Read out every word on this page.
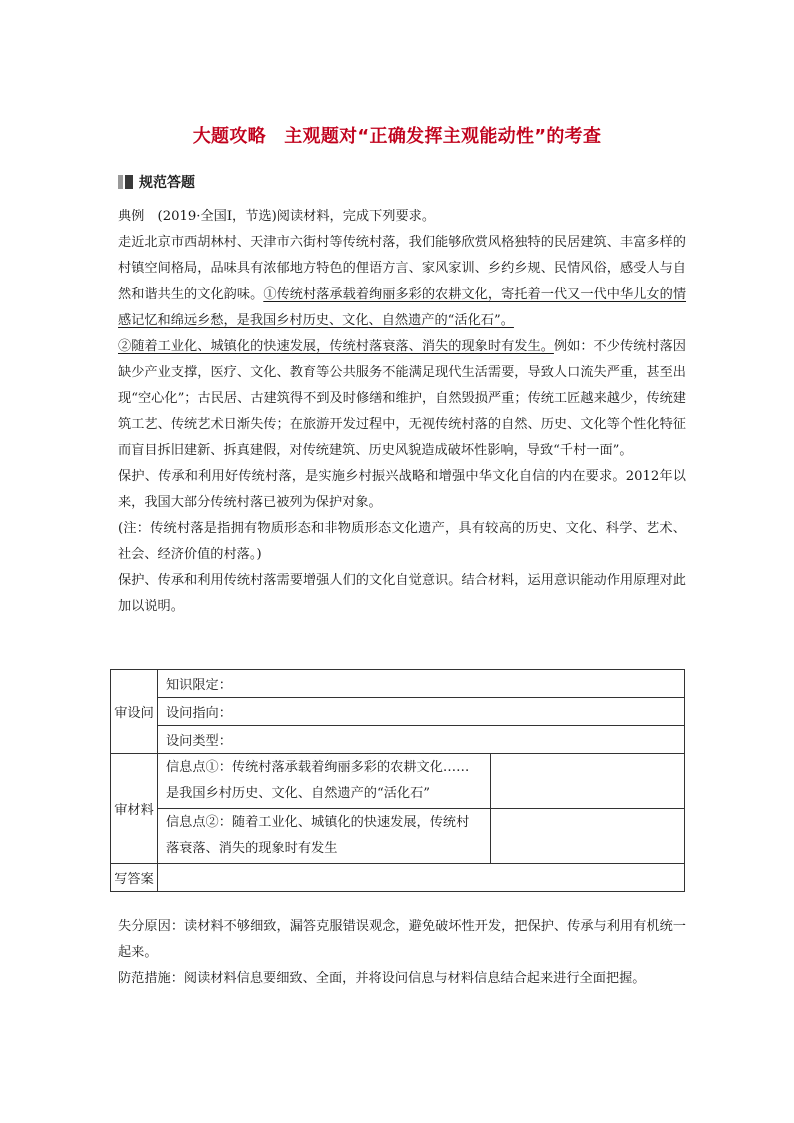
大题攻略　主观题对“正确发挥主观能动性”的考查
规范答题

典例　(2019·全国Ⅰ，节选)阅读材料，完成下列要求。

走近北京市西胡林村、天津市六街村等传统村落，我们能够欣赏风格独特的民居建筑、丰富多样的村镇空间格局，品味具有浓郁地方特色的俚语方言、家风家训、乡约乡规、民情风俗，感受人与自然和谐共生的文化韵味。①传统村落承载着绚丽多彩的农耕文化，寄托着一代又一代中华儿女的情感记忆和绵远乡愁，是我国乡村历史、文化、自然遗产的“活化石”。

②随着工业化、城镇化的快速发展，传统村落衰落、消失的现象时有发生。例如：不少传统村落因缺少产业支撑，医疗、文化、教育等公共服务不能满足现代生活需要，导致人口流失严重，甚至出现“空心化”；古民居、古建筑得不到及时修缮和维护，自然毁损严重；传统工匠越来越少，传统建筑工艺、传统艺术日渐失传；在旅游开发过程中，无视传统村落的自然、历史、文化等个性化特征而盲目拆旧建新、拆真建假，对传统建筑、历史风貌造成破坏性影响，导致“千村一面”。

保护、传承和利用好传统村落，是实施乡村振兴战略和增强中华文化自信的内在要求。2012年以来，我国大部分传统村落已被列为保护对象。

(注：传统村落是指拥有物质形态和非物质形态文化遗产，具有较高的历史、文化、科学、艺术、社会、经济价值的村落。)

保护、传承和利用传统村落需要增强人们的文化自觉意识。结合材料，运用意识能动作用原理对此加以说明。

审设问	知识限定：	
	设问指向：	
	设问类型：	
审材料	信息点①：传统村落承载着绚丽多彩的农耕文化……是我国乡村历史、文化、自然遗产的“活化石”	
	信息点②：随着工业化、城镇化的快速发展，传统村落衰落、消失的现象时有发生	
写答案		

失分原因：读材料不够细致，漏答克服错误观念，避免破坏性开发，把保护、传承与利用有机统一起来。

防范措施：阅读材料信息要细致、全面，并将设问信息与材料信息结合起来进行全面把握。
